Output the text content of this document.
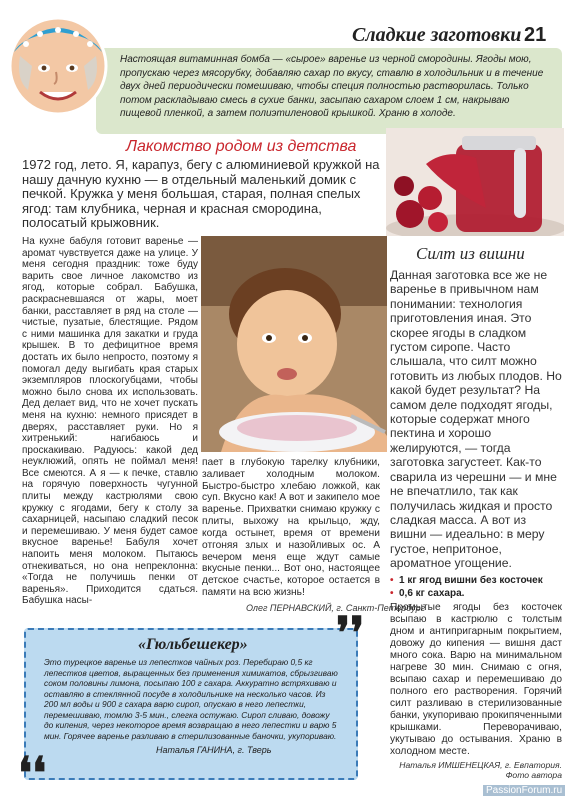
Сладкие заготовки 21
Настоящая витаминная бомба — «сырое» варенье из черной смородины. Ягоды мою, пропускаю через мясорубку, добавляю сахар по вкусу, ставлю в холодильник и в течение двух дней периодически помешиваю, чтобы специя полностью растворилась. Только потом раскладываю смесь в сухие банки, засыпаю сахаром слоем 1 см, накрываю пищевой пленкой, а затем полиэтиленовой крышкой. Храню в холоде.
Лакомство родом из детства
1972 год, лето. Я, карапуз, бегу с алюминиевой кружкой на нашу дачную кухню — в отдельный маленький домик с печкой. Кружка у меня большая, старая, полная спелых ягод: там клубника, черная и красная смородина, полосатый крыжовник.

На кухне бабуля готовит варенье — аромат чувствуется даже на улице. У меня сегодня праздник: тоже буду варить свое личное лакомство из ягод, которые собрал. Бабушка, раскрасневшаяся от жары, моет банки, расставляет в ряд на столе — чистые, пузатые, блестящие. Рядом с ними машинка для закатки и груда крышек. В то дефицитное время достать их было непросто, поэтому я помогал деду выгибать края старых экземпляров плоскогубцами, чтобы можно было снова их использовать. Дед делает вид, что не хочет пускать меня на кухню: немного присядет в дверях, расставляет руки. Но я хитренький: нагибаюсь и проскакиваю. Радуюсь: какой дед неуклюжий, опять не поймал меня! Все смеются. А я — к печке, ставлю на горячую поверхность чугунной плиты между кастрюлями свою кружку с ягодами, бегу к столу за сахарницей, насыпаю сладкий песок и перемешиваю. У меня будет самое вкусное варенье! Бабуля хочет напоить меня молоком. Пытаюсь отнекиваться, но она непреклонна: «Тогда не получишь пенки от варенья». Приходится сдаться. Бабушка насы-

пает в глубокую тарелку клубники, заливает холодным молоком. Быстро-быстро хлебаю ложкой, как суп. Вкусно как! А вот и закипело мое варенье. Прихватки снимаю кружку с плиты, выхожу на крыльцо, жду, когда остынет, время от времени отгоняя злых и назойливых ос. А вечером меня еще ждут самые вкусные пенки... Вот оно, настоящее детское счастье, которое остается в памяти на всю жизнь!

Олег ПЕРНАВСКИЙ, г. Санкт-Петербург
Силт из вишни
Данная заготовка все же не варенье в привычном нам понимании: технология приготовления иная. Это скорее ягоды в сладком густом сиропе. Часто слышала, что силт можно готовить из любых плодов. Но какой будет результат? На самом деле подходят ягоды, которые содержат много пектина и хорошо желируются, — тогда заготовка загустеет. Как-то сварила из черешни — и мне не впечатлило, так как получилась жидкая и просто сладкая масса. А вот из вишни — идеально: в меру густое, непритоное, ароматное угощение.
❜❜
«Гюльбешекер»
Это турецкое варенье из лепестков чайных роз. Перебираю 0,5 кг лепестков цветов, выращенных без применения химикатов, сбрызгиваю соком половины лимона, посыпаю 100 г сахара. Аккуратно встряхиваю и оставляю в стеклянной посуде в холодильнике на несколько часов. Из 200 мл воды и 900 г сахара варю сироп, опускаю в него лепестки, перемешиваю, томлю 3-5 мин., слегка остужаю. Сироп сливаю, довожу до кипения, через некоторое время возвращаю в него лепестки и варю 5 мин. Горячее варенье разливаю в стерилизованные баночки, укупориваю.
Наталья ГАНИНА, г. Тверь
❛❛
• 1 кг ягод вишни без косточек
• 0,6 кг сахара.
Промытые ягоды без косточек всыпаю в кастрюлю с толстым дном и антипригарным покрытием, довожу до кипения — вишня даст много сока. Варю на минимальном нагреве 30 мин. Снимаю с огня, всыпаю сахар и перемешиваю до полного его растворения. Горячий силт разливаю в стерилизованные банки, укупориваю прокипяченными крышками. Переворачиваю, укутываю до остывания. Храню в холодном месте.
Наталья ИМШЕНЕЦКАЯ, г. Евпатория.
Фото автора
PassionForum.ru
